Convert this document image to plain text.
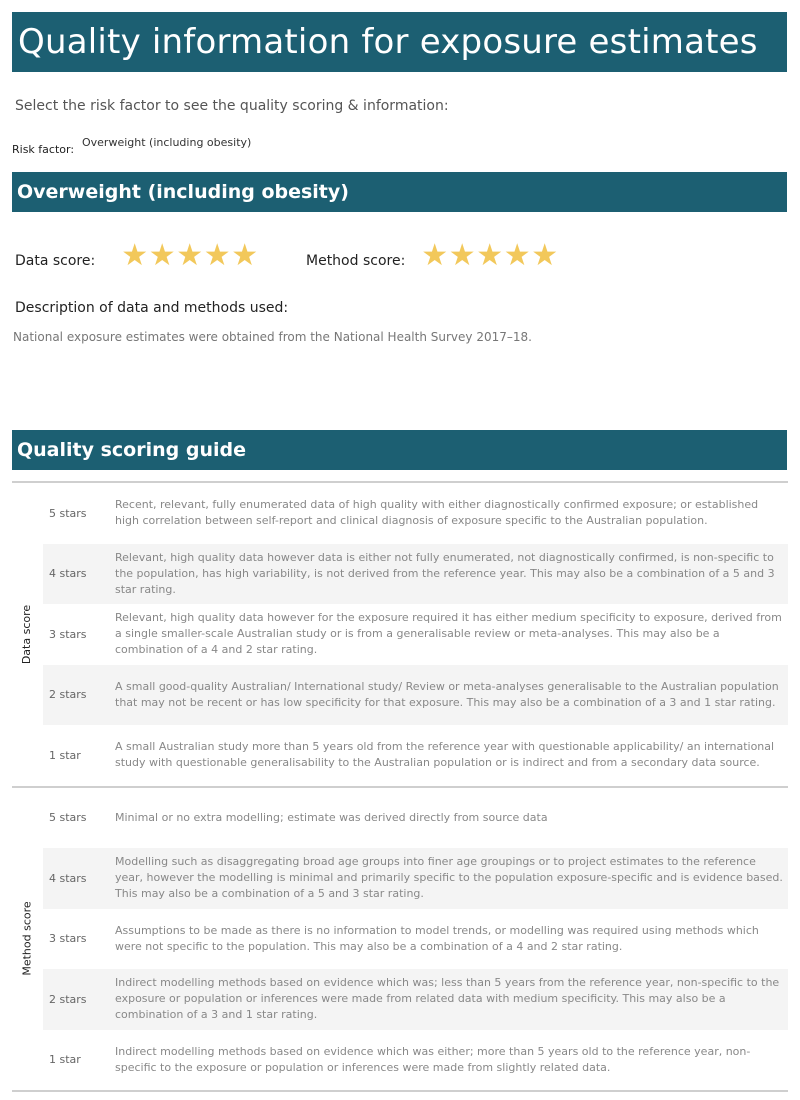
Quality information for exposure estimates
Select the risk factor to see the quality scoring & information:
Risk factor:
Overweight (including obesity)
Overweight (including obesity)
Data score: ★ ★ ★ ★ ★	Method score: ★ ★ ★ ★ ★
Description of data and methods used:
National exposure estimates were obtained from the National Health Survey 2017–18.
Quality scoring guide
Data score
5 stars
Recent, relevant, fully enumerated data of high quality with either diagnostically confirmed exposure; or established high correlation between self-report and clinical diagnosis of exposure specific to the Australian population.
4 stars
Relevant, high quality data however data is either not fully enumerated, not diagnostically confirmed, is non-specific to the population, has high variability, is not derived from the reference year. This may also be a combination of a 5 and 3 star rating.
3 stars
Relevant, high quality data however for the exposure required it has either medium specificity to exposure, derived from a single smaller-scale Australian study or is from a generalisable review or meta-analyses. This may also be a combination of a 4 and 2 star rating.
2 stars
A small good-quality Australian/ International study/ Review or meta-analyses generalisable to the Australian population that may not be recent or has low specificity for that exposure. This may also be a combination of a 3 and 1 star rating.
1 star
A small Australian study more than 5 years old from the reference year with questionable applicability/ an international study with questionable generalisability to the Australian population or is indirect and from a secondary data source.
Method score
5 stars	Minimal or no extra modelling; estimate was derived directly from source data
4 stars
Modelling such as disaggregating broad age groups into finer age groupings or to project estimates to the reference year, however the modelling is minimal and primarily specific to the population exposure-specific and is evidence based. This may also be a combination of a 5 and 3 star rating.
3 stars
Assumptions to be made as there is no information to model trends, or modelling was required using methods which were not specific to the population. This may also be a combination of a 4 and 2 star rating.
2 stars
Indirect modelling methods based on evidence which was; less than 5 years from the reference year, non-specific to the exposure or population or inferences were made from related data with medium specificity. This may also be a combination of a 3 and 1 star rating.
1 star
Indirect modelling methods based on evidence which was either; more than 5 years old to the reference year, non-specific to the exposure or population or inferences were made from slightly related data.
